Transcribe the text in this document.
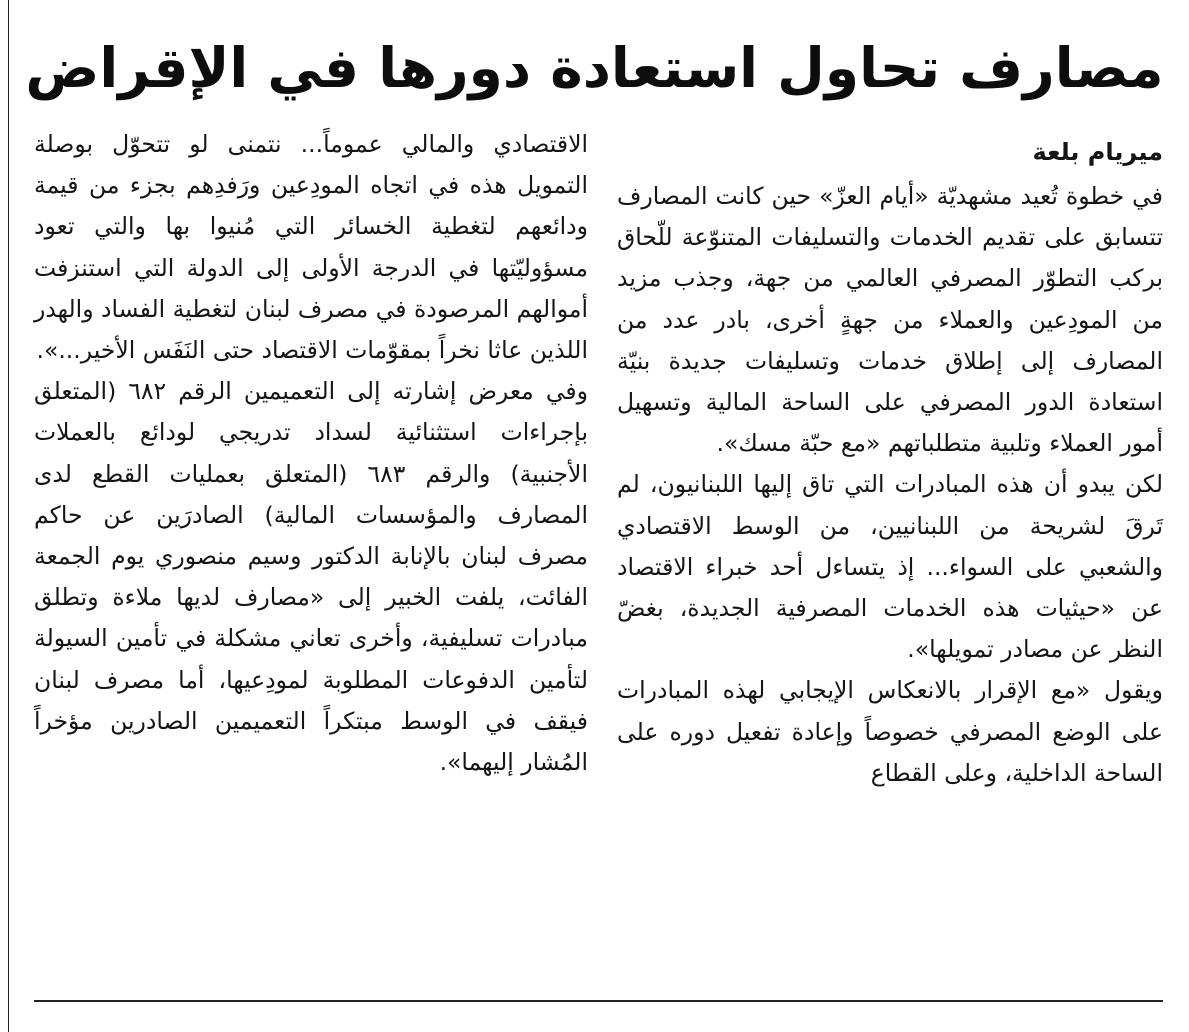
مصارف تحاول استعادة دورها في الإقراض

ميريام بلعة

في خطوة تُعيد مشهديّة «أيام العزّ» حين كانت المصارف تتسابق على تقديم الخدمات والتسليفات المتنوّعة للّحاق بركب التطوّر المصرفي العالمي من جهة، وجذب مزيد من المودِعين والعملاء من جهةٍ أخرى، بادر عدد من المصارف إلى إطلاق خدمات وتسليفات جديدة بنيّة استعادة الدور المصرفي على الساحة المالية وتسهيل أمور العملاء وتلبية متطلباتهم «مع حبّة مسك».

لكن يبدو أن هذه المبادرات التي تاق إليها اللبنانيون، لم تَرقَ لشريحة من اللبنانيين، من الوسط الاقتصادي والشعبي على السواء... إذ يتساءل أحد خبراء الاقتصاد عن «حيثيات هذه الخدمات المصرفية الجديدة، بغضّ النظر عن مصادر تمويلها».

ويقول «مع الإقرار بالانعكاس الإيجابي لهذه المبادرات على الوضع المصرفي خصوصاً وإعادة تفعيل دوره على الساحة الداخلية، وعلى القطاع

الاقتصادي والمالي عموماً... نتمنى لو تتحوّل بوصلة التمويل هذه في اتجاه المودِعين ورَفدِهم بجزء من قيمة ودائعهم لتغطية الخسائر التي مُنيوا بها والتي تعود مسؤوليّتها في الدرجة الأولى إلى الدولة التي استنزفت أموالهم المرصودة في مصرف لبنان لتغطية الفساد والهدر اللذين عاثا نخراً بمقوّمات الاقتصاد حتى النَفَس الأخير...».

وفي معرض إشارته إلى التعميمين الرقم ٦٨٢ (المتعلق بإجراءات استثنائية لسداد تدريجي لودائع بالعملات الأجنبية) والرقم ٦٨٣ (المتعلق بعمليات القطع لدى المصارف والمؤسسات المالية) الصادرَين عن حاكم مصرف لبنان بالإنابة الدكتور وسيم منصوري يوم الجمعة الفائت، يلفت الخبير إلى «مصارف لديها ملاءة وتطلق مبادرات تسليفية، وأخرى تعاني مشكلة في تأمين السيولة لتأمين الدفوعات المطلوبة لمودِعيها، أما مصرف لبنان فيقف في الوسط مبتكراً التعميمين الصادرين مؤخراً المُشار إليهما».
